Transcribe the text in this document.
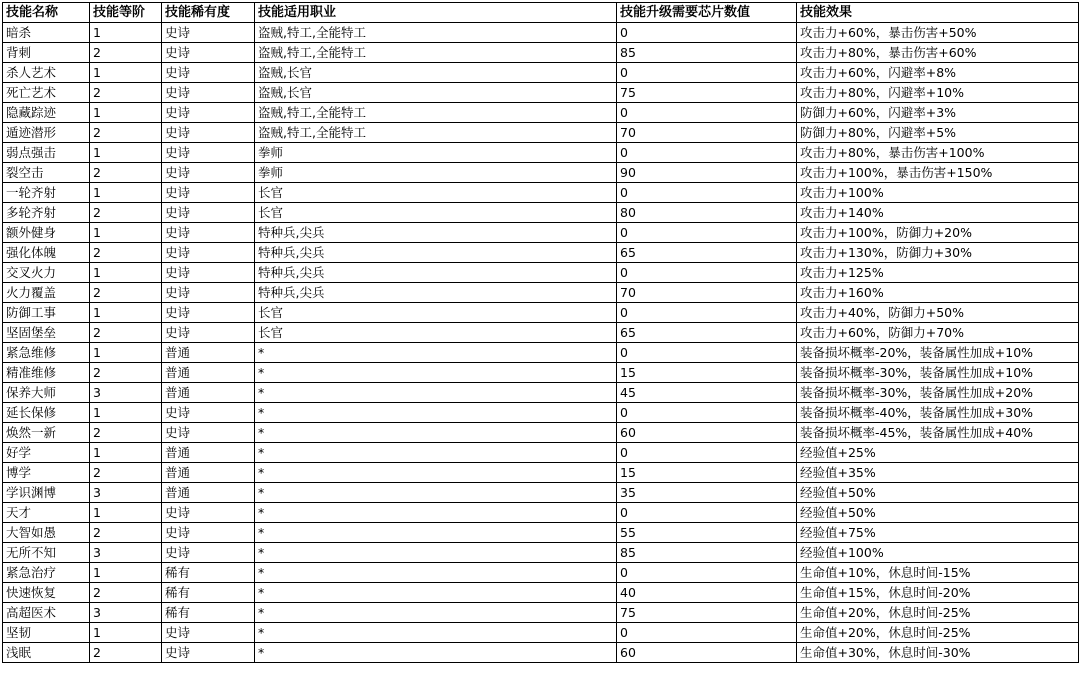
技能名称	技能等阶	技能稀有度	技能适用职业	技能升级需要芯片数值	技能效果
暗杀	1	史诗	盗贼,特工,全能特工	0	攻击力+60%，暴击伤害+50%
背刺	2	史诗	盗贼,特工,全能特工	85	攻击力+80%，暴击伤害+60%
杀人艺术	1	史诗	盗贼,长官	0	攻击力+60%，闪避率+8%
死亡艺术	2	史诗	盗贼,长官	75	攻击力+80%，闪避率+10%
隐藏踪迹	1	史诗	盗贼,特工,全能特工	0	防御力+60%，闪避率+3%
遁迹潜形	2	史诗	盗贼,特工,全能特工	70	防御力+80%，闪避率+5%
弱点强击	1	史诗	拳师	0	攻击力+80%，暴击伤害+100%
裂空击	2	史诗	拳师	90	攻击力+100%，暴击伤害+150%
一轮齐射	1	史诗	长官	0	攻击力+100%
多轮齐射	2	史诗	长官	80	攻击力+140%
额外健身	1	史诗	特种兵,尖兵	0	攻击力+100%，防御力+20%
强化体魄	2	史诗	特种兵,尖兵	65	攻击力+130%，防御力+30%
交叉火力	1	史诗	特种兵,尖兵	0	攻击力+125%
火力覆盖	2	史诗	特种兵,尖兵	70	攻击力+160%
防御工事	1	史诗	长官	0	攻击力+40%，防御力+50%
坚固堡垒	2	史诗	长官	65	攻击力+60%，防御力+70%
紧急维修	1	普通	*	0	装备损坏概率-20%，装备属性加成+10%
精准维修	2	普通	*	15	装备损坏概率-30%，装备属性加成+10%
保养大师	3	普通	*	45	装备损坏概率-30%，装备属性加成+20%
延长保修	1	史诗	*	0	装备损坏概率-40%，装备属性加成+30%
焕然一新	2	史诗	*	60	装备损坏概率-45%，装备属性加成+40%
好学	1	普通	*	0	经验值+25%
博学	2	普通	*	15	经验值+35%
学识渊博	3	普通	*	35	经验值+50%
天才	1	史诗	*	0	经验值+50%
大智如愚	2	史诗	*	55	经验值+75%
无所不知	3	史诗	*	85	经验值+100%
紧急治疗	1	稀有	*	0	生命值+10%，休息时间-15%
快速恢复	2	稀有	*	40	生命值+15%，休息时间-20%
高超医术	3	稀有	*	75	生命值+20%，休息时间-25%
坚韧	1	史诗	*	0	生命值+20%，休息时间-25%
浅眠	2	史诗	*	60	生命值+30%，休息时间-30%
